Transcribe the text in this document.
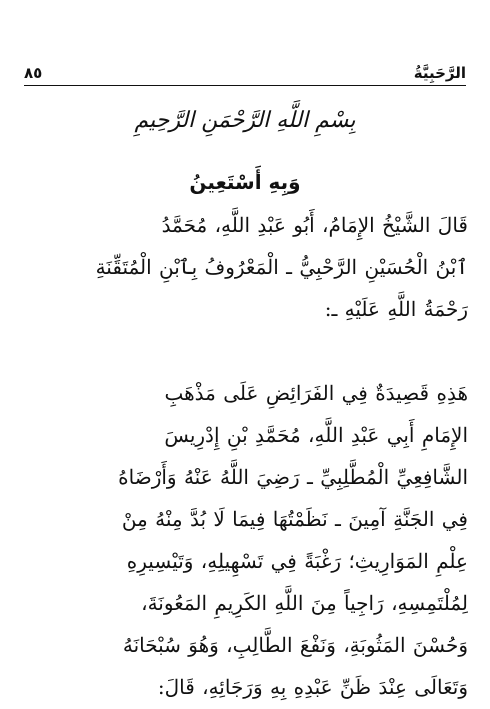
الرَّحَبِيَّةُ
٨٥
بِسْمِ اللَّهِ الرَّحْمَنِ الرَّحِيمِ
وَبِهِ أَسْتَعِينُ
قَالَ الشَّيْخُ الإِمَامُ، أَبُو عَبْدِ اللَّهِ، مُحَمَّدُ
ٱبْنُ الْحُسَيْنِ الرَّحْبِيُّ ـ الْمَعْرُوفُ بِٱبْنِ الْمُتَقِّنَةِ
رَحْمَةُ اللَّهِ عَلَيْهِ ـ:
هَذِهِ قَصِيدَةٌ فِي الفَرَائِضِ عَلَى مَذْهَبِ
الإِمَامِ أَبِي عَبْدِ اللَّهِ، مُحَمَّدِ بْنِ إِدْرِيسَ
الشَّافِعِيِّ الْمُطَّلِبِيِّ ـ رَضِيَ اللَّهُ عَنْهُ وَأَرْضَاهُ
فِي الجَنَّةِ آمِينَ ـ نَظَمْتُهَا فِيمَا لَا بُدَّ مِنْهُ مِنْ
عِلْمِ المَوَارِيثِ؛ رَغْبَةً فِي تَسْهِيلِهِ، وَتَيْسِيرِهِ
لِمُلْتَمِسِهِ، رَاجِياً مِنَ اللَّهِ الكَرِيمِ المَعُونَةَ،
وَحُسْنَ المَثُوبَةِ، وَنَفْعَ الطَّالِبِ، وَهُوَ سُبْحَانَهُ
وَتَعَالَى عِنْدَ ظَنِّ عَبْدِهِ بِهِ وَرَجَائِهِ، قَالَ:
